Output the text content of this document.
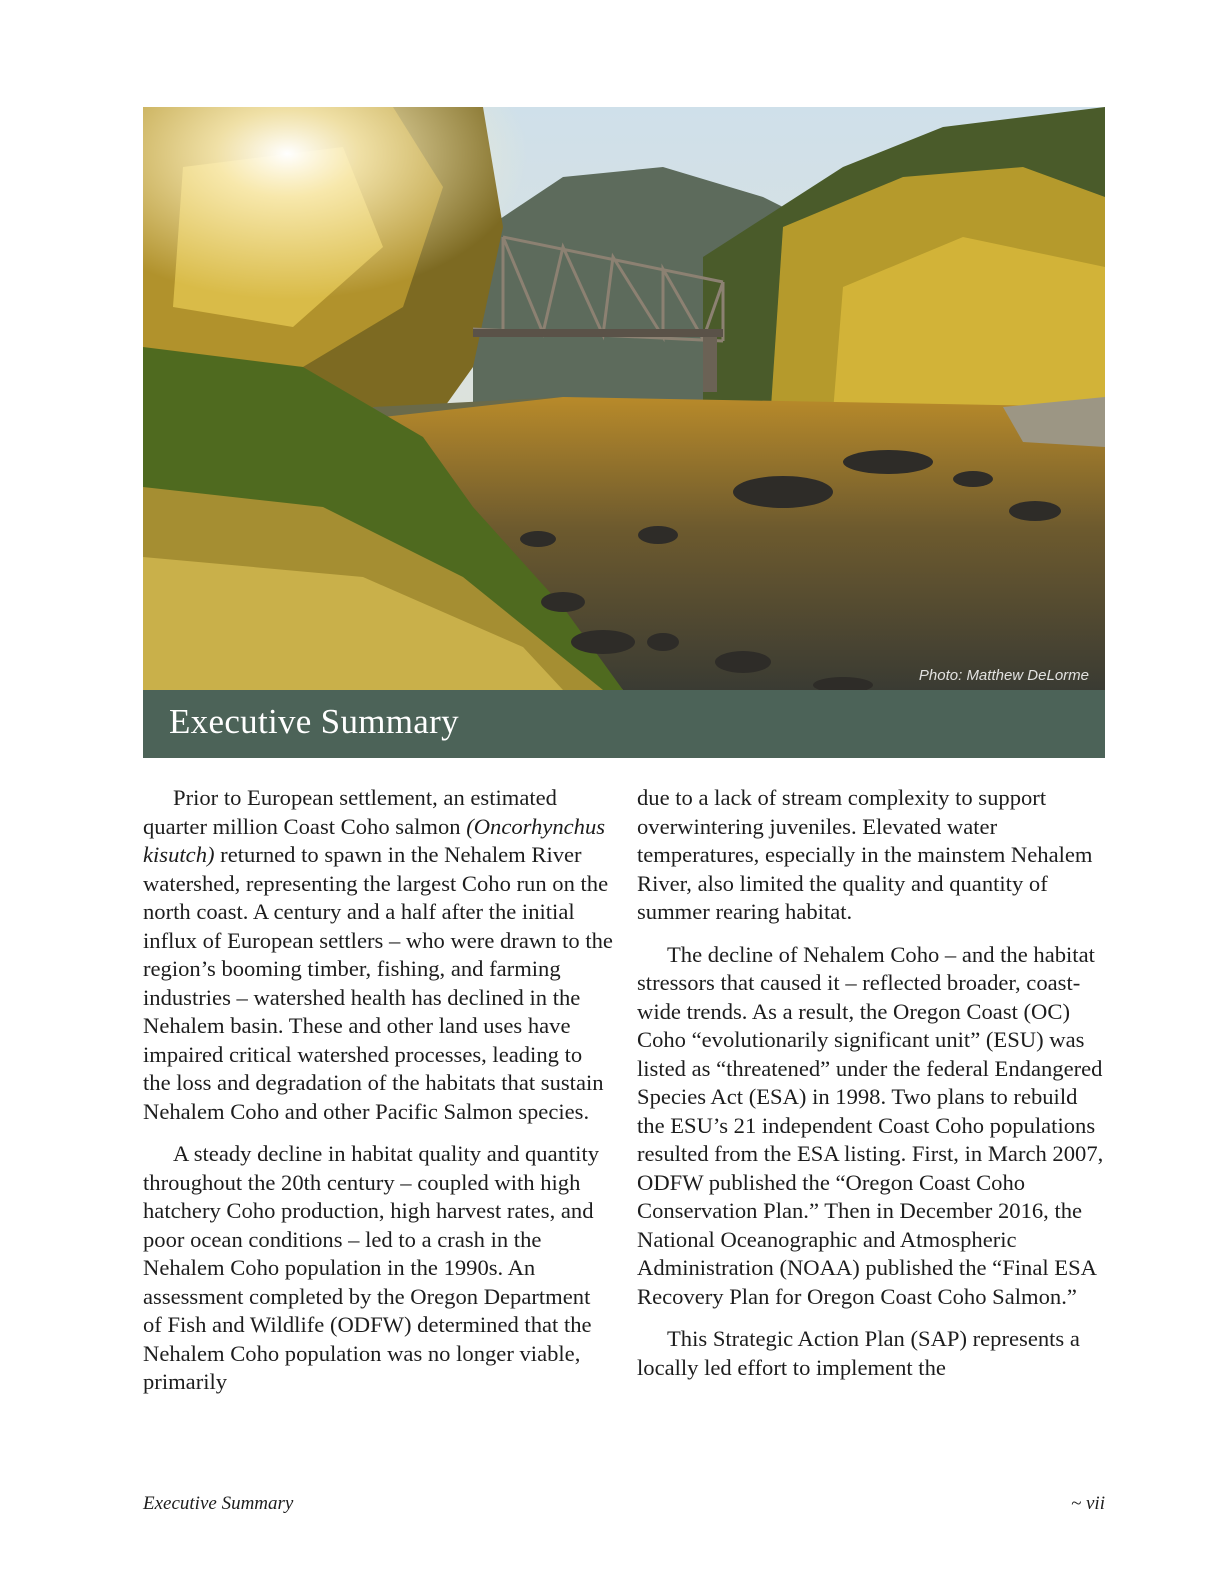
Photo: Matthew DeLorme
Executive Summary

Prior to European settlement, an estimated quarter million Coast Coho salmon (Oncorhynchus kisutch) returned to spawn in the Nehalem River watershed, representing the largest Coho run on the north coast. A century and a half after the initial influx of European settlers – who were drawn to the region’s booming timber, fishing, and farming industries – watershed health has declined in the Nehalem basin. These and other land uses have impaired critical watershed processes, leading to the loss and degradation of the habitats that sustain Nehalem Coho and other Pacific Salmon species.

A steady decline in habitat quality and quantity throughout the 20th century – coupled with high hatchery Coho production, high harvest rates, and poor ocean conditions – led to a crash in the Nehalem Coho population in the 1990s. An assessment completed by the Oregon Department of Fish and Wildlife (ODFW) determined that the Nehalem Coho population was no longer viable, primarily

due to a lack of stream complexity to support overwintering juveniles. Elevated water temperatures, especially in the mainstem Nehalem River, also limited the quality and quantity of summer rearing habitat.

The decline of Nehalem Coho – and the habitat stressors that caused it – reflected broader, coast-wide trends. As a result, the Oregon Coast (OC) Coho “evolutionarily significant unit” (ESU) was listed as “threatened” under the federal Endangered Species Act (ESA) in 1998. Two plans to rebuild the ESU’s 21 independent Coast Coho populations resulted from the ESA listing. First, in March 2007, ODFW published the “Oregon Coast Coho Conservation Plan.” Then in December 2016, the National Oceanographic and Atmospheric Administration (NOAA) published the “Final ESA Recovery Plan for Oregon Coast Coho Salmon.”

This Strategic Action Plan (SAP) represents a locally led effort to implement the

Executive Summary	~ vii
